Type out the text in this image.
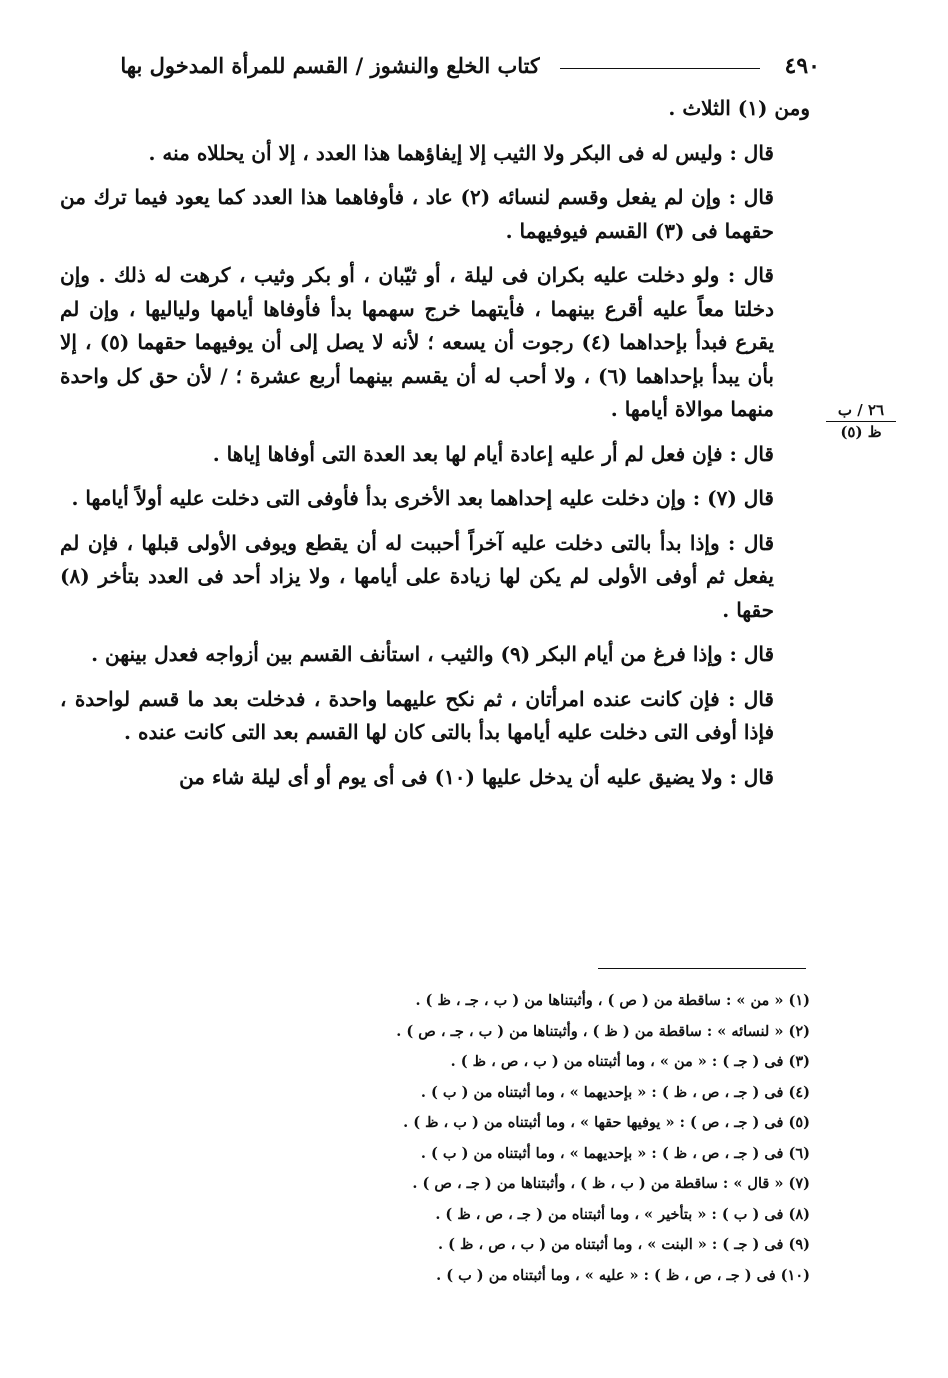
٤٩٠
كتاب الخلع والنشوز / القسم للمرأة المدخول بها
٢٦ / ب
ظ (٥)

ومن (١) الثلاث .

قال : وليس له فى البكر ولا الثيب إلا إيفاؤهما هذا العدد ، إلا أن يحللاه منه .

قال : وإن لم يفعل وقسم لنسائه (٢) عاد ، فأوفاهما هذا العدد كما يعود فيما ترك من حقهما فى (٣) القسم فيوفيهما .

قال : ولو دخلت عليه بكران فى ليلة ، أو ثيّبان ، أو بكر وثيب ، كرهت له ذلك . وإن دخلتا معاً عليه أقرع بينهما ، فأيتهما خرج سهمها بدأ فأوفاها أيامها ولياليها ، وإن لم يقرع فبدأ بإحداهما (٤) رجوت أن يسعه ؛ لأنه لا يصل إلى أن يوفيهما حقهما (٥) ، إلا بأن يبدأ بإحداهما (٦) ، ولا أحب له أن يقسم بينهما أربع عشرة ؛ / لأن حق كل واحدة منهما موالاة أيامها .

قال : فإن فعل لم أر عليه إعادة أيام لها بعد العدة التى أوفاها إياها .

قال (٧) : وإن دخلت عليه إحداهما بعد الأخرى بدأ فأوفى التى دخلت عليه أولاً أيامها .

قال : وإذا بدأ بالتى دخلت عليه آخراً أحببت له أن يقطع ويوفى الأولى قبلها ، فإن لم يفعل ثم أوفى الأولى لم يكن لها زيادة على أيامها ، ولا يزاد أحد فى العدد بتأخر (٨) حقها .

قال : وإذا فرغ من أيام البكر (٩) والثيب ، استأنف القسم بين أزواجه فعدل بينهن .

قال : فإن كانت عنده امرأتان ، ثم نكح عليهما واحدة ، فدخلت بعد ما قسم لواحدة ، فإذا أوفى التى دخلت عليه أيامها بدأ بالتى كان لها القسم بعد التى كانت عنده .

قال : ولا يضيق عليه أن يدخل عليها (١٠) فى أى يوم أو أى ليلة شاء من

(١) « من » : ساقطة من ( ص ) ، وأثبتناها من ( ب ، جـ ، ظ ) .

(٢) « لنسائه » : ساقطة من ( ظ ) ، وأثبتناها من ( ب ، جـ ، ص ) .

(٣) فى ( جـ ) : « من » ، وما أثبتناه من ( ب ، ص ، ظ ) .

(٤) فى ( جـ ، ص ، ظ ) : « بإحديهما » ، وما أثبتناه من ( ب ) .

(٥) فى ( جـ ، ص ) : « يوفيها حقها » ، وما أثبتناه من ( ب ، ظ ) .

(٦) فى ( جـ ، ص ، ظ ) : « بإحديهما » ، وما أثبتناه من ( ب ) .

(٧) « قال » : ساقطة من ( ب ، ظ ) ، وأثبتناها من ( جـ ، ص ) .

(٨) فى ( ب ) : « بتأخير » ، وما أثبتناه من ( جـ ، ص ، ظ ) .

(٩) فى ( جـ ) : « البنت » ، وما أثبتناه من ( ب ، ص ، ظ ) .

(١٠) فى ( جـ ، ص ، ظ ) : « عليه » ، وما أثبتناه من ( ب ) .
